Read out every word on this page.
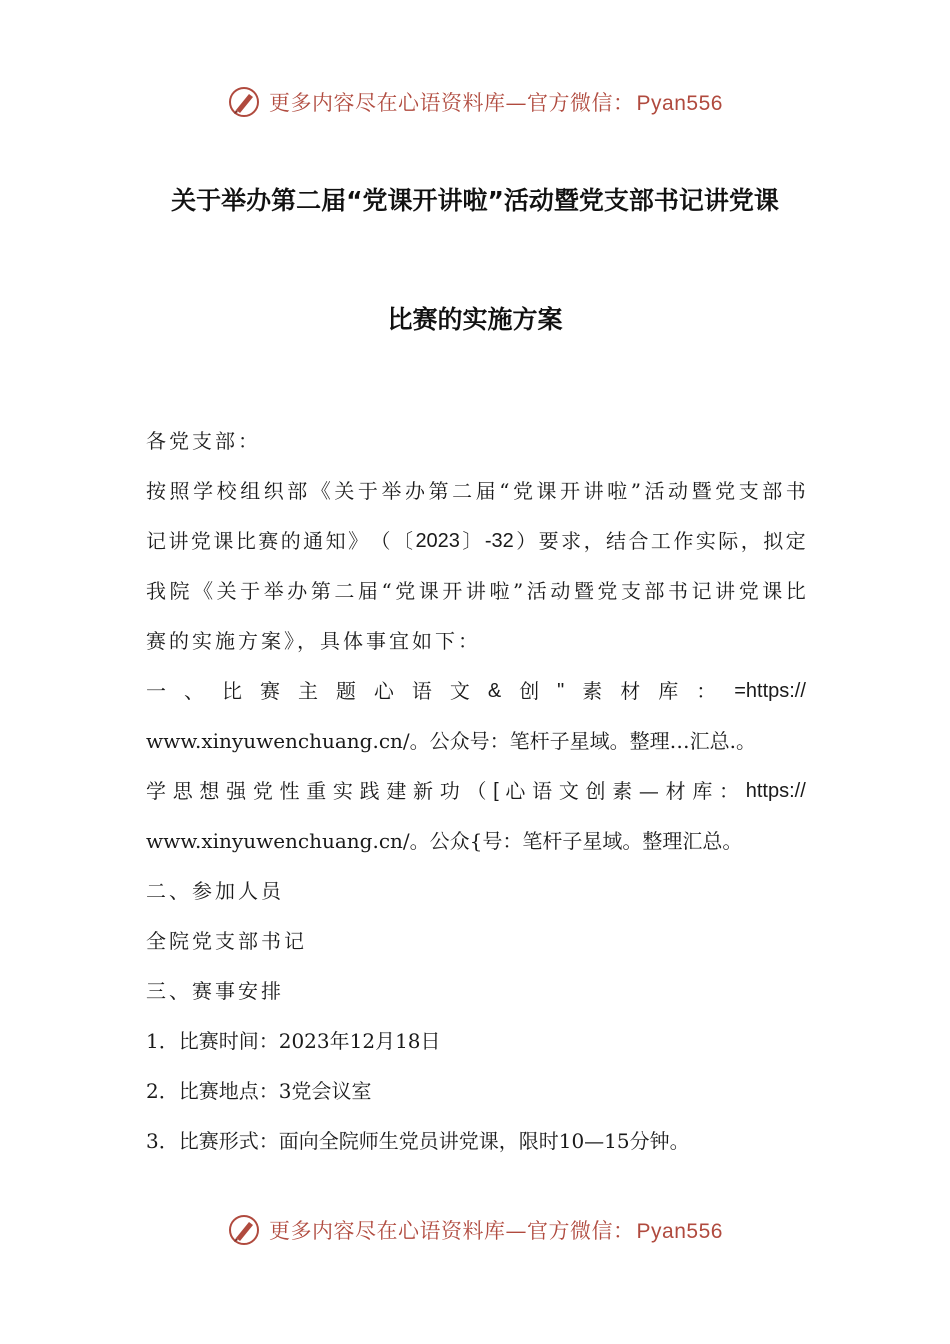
更多内容尽在心语资料库—官方微信：Pyan556
关于举办第二届“党课开讲啦”活动暨党支部书记讲党课
比赛的实施方案

各党支部：

按 照 学 校 组 织 部 《 关 于 举 办 第 二 届 “ 党 课 开 讲 啦 ” 活 动 暨 党 支 部 书
记 讲 党 课 比 赛 的 通 知 》 （ 〔 2023 〕 -32 ） 要 求 ， 结 合 工 作 实 际 ， 拟 定
我 院 《 关 于 举 办 第 二 届 “ 党 课 开 讲 啦 ” 活 动 暨 党 支 部 书 记 讲 党 课 比

赛的实施方案》，具体事宜如下：

一 、 比 赛 主 题 心 语 文 & 创 " 素 材 库 ： =https://

www.xinyuwenchuang.cn/。公众号：笔杆子星域。整理…汇总.。

学 思 想 强 党 性 重 实 践 建 新 功 （ [ 心 语 文 创 素 — 材 库 ： https://

www.xinyuwenchuang.cn/。公众{号：笔杆子星域。整理汇总。

二、参加人员

全院党支部书记

三、赛事安排

1．比赛时间：2023年12月18日

2．比赛地点：3党会议室

3．比赛形式：面向全院师生党员讲党课，限时10—15分钟。

更多内容尽在心语资料库—官方微信：Pyan556
